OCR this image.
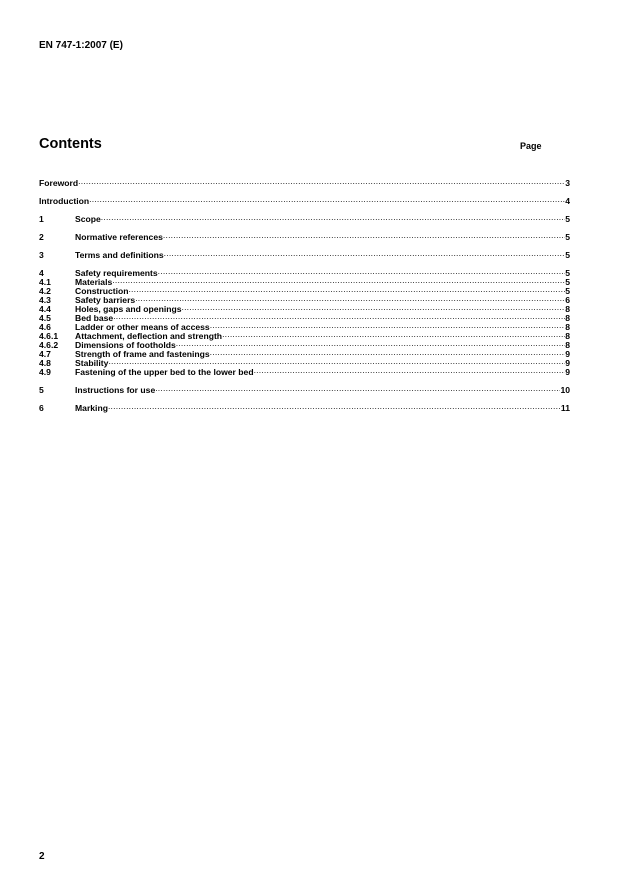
EN 747-1:2007 (E)
Contents	Page
Foreword .....	3
Introduction .....	4
1	Scope .....	5
2	Normative references .....	5
3	Terms and definitions .....	5
4	Safety requirements .....	5
4.1	Materials .....	5
4.2	Construction .....	5
4.3	Safety barriers .....	6
4.4	Holes, gaps and openings .....	8
4.5	Bed base .....	8
4.6	Ladder or other means of access .....	8
4.6.1	Attachment, deflection and strength .....	8
4.6.2	Dimensions of footholds .....	8
4.7	Strength of frame and fastenings .....	9
4.8	Stability .....	9
4.9	Fastening of the upper bed to the lower bed .....	9
5	Instructions for use .....	10
6	Marking .....	11
2
